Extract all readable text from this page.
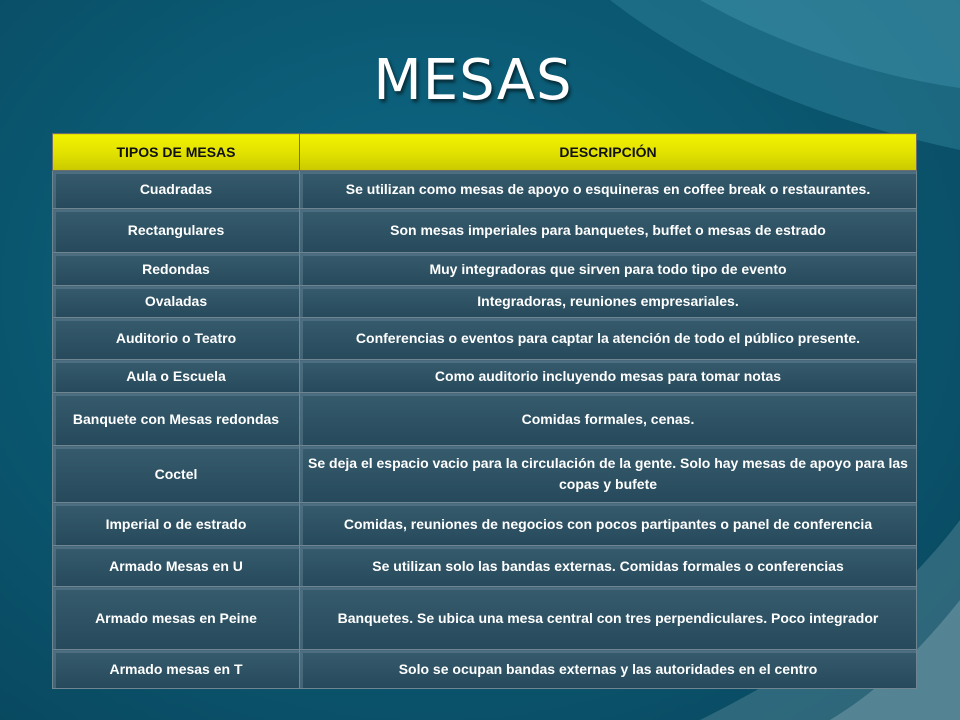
MESAS
TIPOS DE MESAS	DESCRIPCIÓN
Cuadradas	Se utilizan como mesas de apoyo o esquineras en coffee break o restaurantes.
Rectangulares	Son mesas imperiales para banquetes, buffet o mesas de estrado
Redondas	Muy integradoras que sirven para todo tipo de evento
Ovaladas	Integradoras, reuniones empresariales.
Auditorio o Teatro	Conferencias o eventos para captar la atención de todo el público presente.
Aula o Escuela	Como auditorio incluyendo mesas para tomar notas
Banquete con Mesas redondas	Comidas formales, cenas.
Coctel	Se deja el espacio vacio para la circulación de la gente. Solo hay mesas de apoyo para las copas y bufete
Imperial o de estrado	Comidas, reuniones de negocios con pocos partipantes o panel de conferencia
Armado Mesas en U	Se utilizan solo las bandas externas. Comidas formales o conferencias
Armado mesas en Peine	Banquetes. Se ubica una mesa central con tres perpendiculares. Poco integrador
Armado mesas en T	Solo se ocupan bandas externas y las autoridades en el centro
